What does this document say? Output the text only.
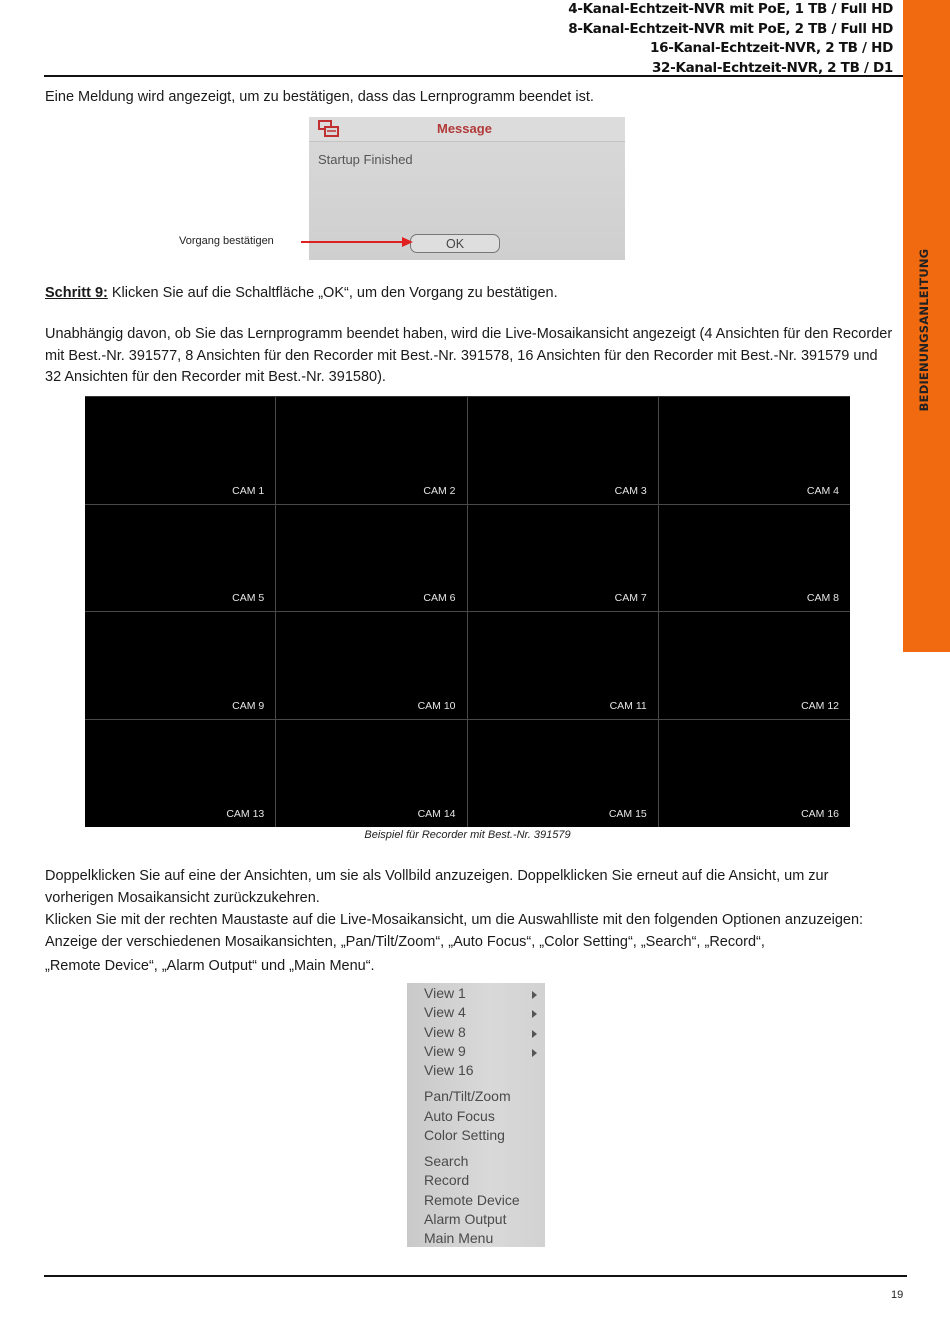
4-Kanal-Echtzeit-NVR mit PoE, 1 TB / Full HD
8-Kanal-Echtzeit-NVR mit PoE, 2 TB / Full HD
16-Kanal-Echtzeit-NVR, 2 TB / HD
32-Kanal-Echtzeit-NVR, 2 TB / D1
BEDIENUNGSANLEITUNG
Eine Meldung wird angezeigt, um zu bestätigen, dass das Lernprogramm beendet ist.
Message
Startup Finished
OK
Vorgang bestätigen
Schritt 9: Klicken Sie auf die Schaltfläche „OK“, um den Vorgang zu bestätigen.
Unabhängig davon, ob Sie das Lernprogramm beendet haben, wird die Live-Mosaikansicht angezeigt (4 Ansichten für den Recorder mit Best.-Nr. 391577, 8 Ansichten für den Recorder mit Best.-Nr. 391578, 16 Ansichten für den Recorder mit Best.-Nr. 391579 und 32 Ansichten für den Recorder mit Best.-Nr. 391580).
CAM 1	CAM 2	CAM 3	CAM 4
CAM 5	CAM 6	CAM 7	CAM 8
CAM 9	CAM 10	CAM 11	CAM 12
CAM 13	CAM 14	CAM 15	CAM 16
Beispiel für Recorder mit Best.-Nr. 391579
Doppelklicken Sie auf eine der Ansichten, um sie als Vollbild anzuzeigen. Doppelklicken Sie erneut auf die Ansicht, um zur vorherigen Mosaikansicht zurückzukehren.
Klicken Sie mit der rechten Maustaste auf die Live-Mosaikansicht, um die Auswahlliste mit den folgenden Optionen anzuzeigen: Anzeige der verschiedenen Mosaikansichten, „Pan/Tilt/Zoom“, „Auto Focus“, „Color Setting“, „Search“, „Record“,
„Remote Device“, „Alarm Output“ und „Main Menu“.
View 1
View 4
View 8
View 9
View 16
Pan/Tilt/Zoom
Auto Focus
Color Setting
Search
Record
Remote Device
Alarm Output
Main Menu
19
